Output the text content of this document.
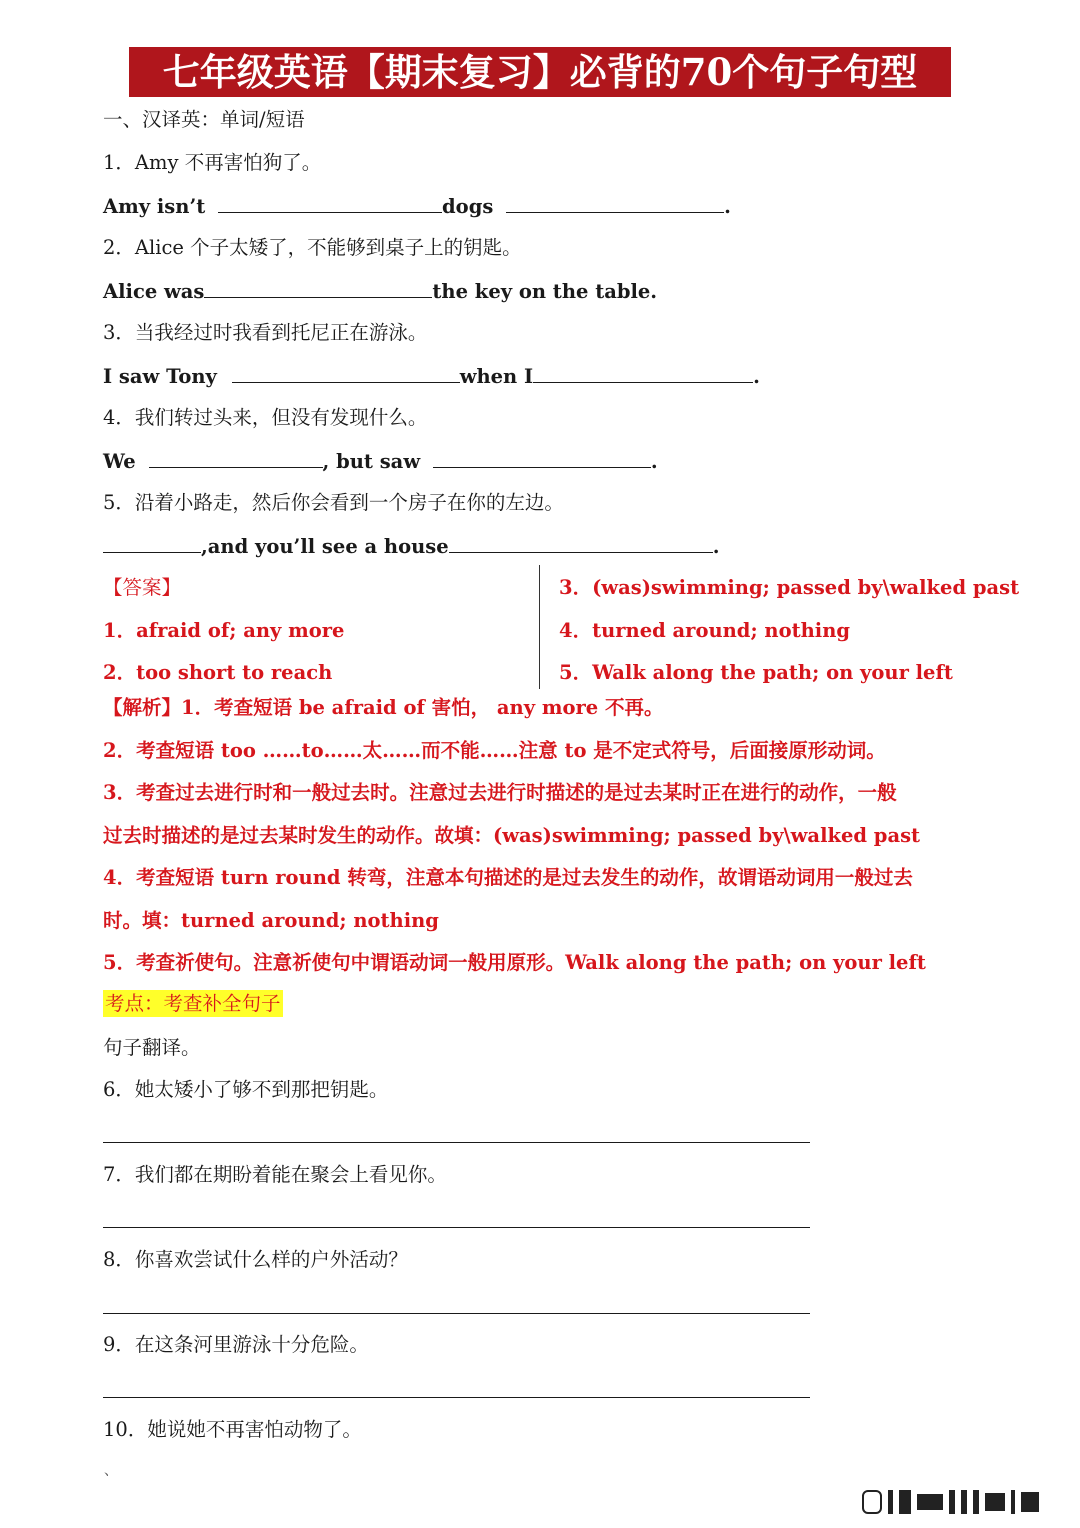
七年级英语【期末复习】必背的70个句子句型
一、汉译英：单词/短语
1．Amy 不再害怕狗了。
Amy isn’t	dogs	.
2．Alice 个子太矮了，不能够到桌子上的钥匙。
Alice was	the key on the table.
3．当我经过时我看到托尼正在游泳。
I saw Tony	when I	.
4．我们转过头来，但没有发现什么。
We	, but saw	.
5．沿着小路走，然后你会看到一个房子在你的左边。
,and you’ll see a house	.
【答案】
1．afraid of; any more
2．too short to reach
3．(was)swimming; passed by\walked past
4．turned around; nothing
5．Walk along the path; on your left
【解析】1．考查短语 be afraid of 害怕， any more 不再。
2．考查短语 too ……to……太……而不能……注意 to 是不定式符号，后面接原形动词。
3．考查过去进行时和一般过去时。注意过去进行时描述的是过去某时正在进行的动作，一般
过去时描述的是过去某时发生的动作。故填：(was)swimming; passed by\walked past
4．考查短语 turn round 转弯，注意本句描述的是过去发生的动作，故谓语动词用一般过去
时。填：turned around; nothing
5．考查祈使句。注意祈使句中谓语动词一般用原形。Walk along the path; on your left
考点：考查补全句子
句子翻译。
6．她太矮小了够不到那把钥匙。
7．我们都在期盼着能在聚会上看见你。
8．你喜欢尝试什么样的户外活动？
9．在这条河里游泳十分危险。
10．她说她不再害怕动物了。
、
